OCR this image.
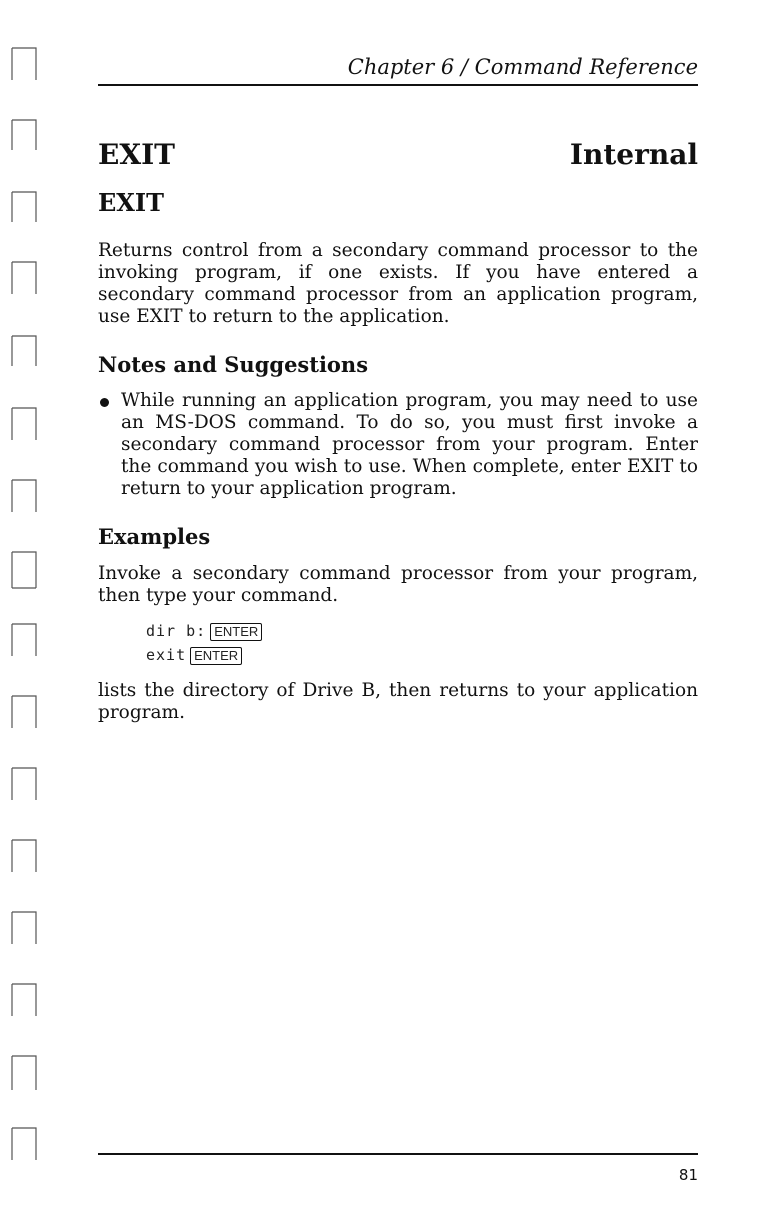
Chapter 6 / Command Reference
EXIT	Internal
EXIT
Returns control from a secondary command processor to the invoking program, if one exists. If you have entered a secondary command processor from an application program, use EXIT to return to the application.
Notes and Suggestions
While running an application program, you may need to use an MS-DOS command. To do so, you must first invoke a secondary command processor from your program. Enter the command you wish to use. When complete, enter EXIT to return to your application program.
Examples
Invoke a secondary command processor from your program, then type your command.
dir b: ENTER
exit ENTER
lists the directory of Drive B, then returns to your application program.
81
